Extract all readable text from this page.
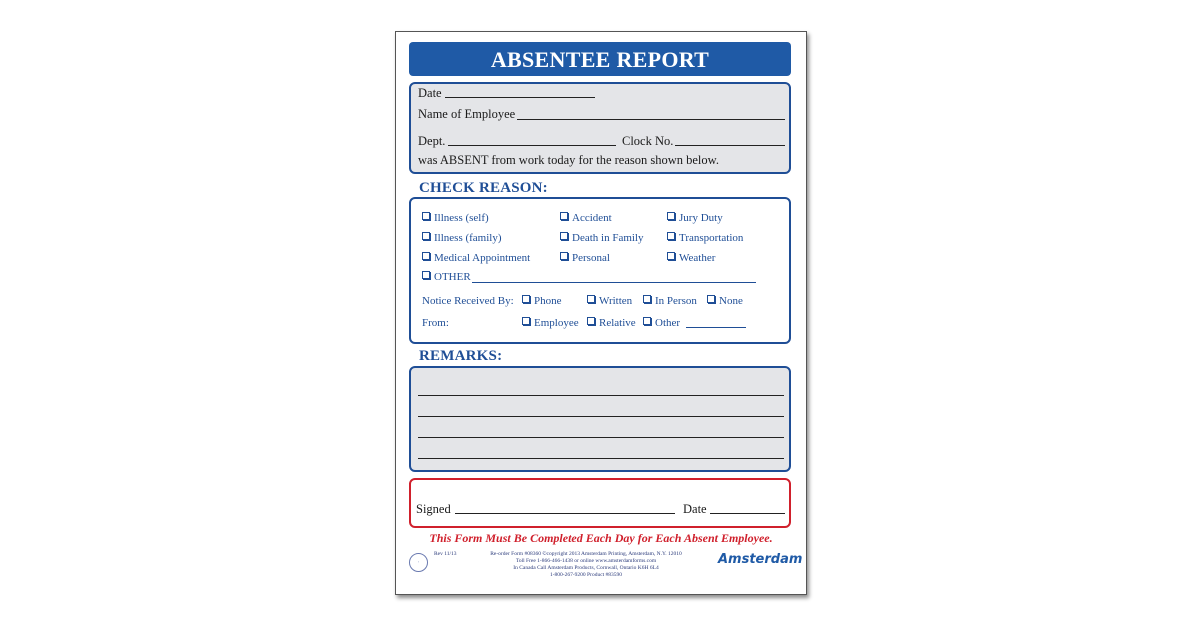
ABSENTEE REPORT
Date
Name of Employee
Dept.	Clock No.
was ABSENT from work today for the reason shown below.
CHECK REASON:
Illness (self)	Accident	Jury Duty
Illness (family)	Death in Family	Transportation
Medical Appointment	Personal	Weather
OTHER
Notice Received By:	Phone	Written	In Person	None
From:	Employee	Relative	Other
REMARKS:
Signed	Date
This Form Must Be Completed Each Day for Each Absent Employee.
•
Rev 11/13	Re-order Form #08360 ©copyright 2013 Amsterdam Printing, Amsterdam, N.Y. 12010
Toll Free 1-866-466-1438 or online www.amsterdamforms.com
In Canada Call Amsterdam Products, Cornwall, Ontario K6H 6L4
1-800-267-9200 Product #83590
Amsterdam
